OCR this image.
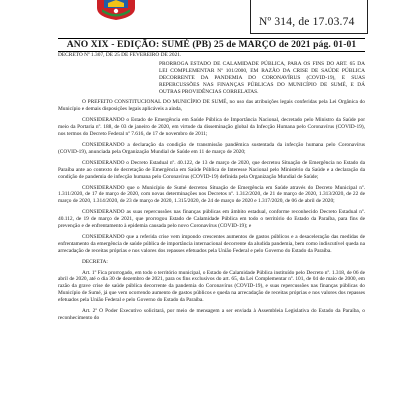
Nº 314, de 17.03.74
ANO XIX - EDIÇÃO: SUMÉ (PB) 25 de MARÇO de 2021 pág. 01-01

DECRETO Nº 1.307, DE 25 DE FEVEREIRO DE 2021.

PRORROGA ESTADO DE CALAMIDADE PÚBLICA, PARA OS FINS DO ART. 65 DA LEI COMPLEMENTAR Nº 101/2000, EM RAZÃO DA CRISE DE SAÚDE PÚBLICA DECORRENTE DA PANDEMIA DO CORONAVÍRUS (COVID-19), E SUAS REPERCUSSÕES NAS FINANÇAS PÚBLICAS DO MUNICÍPIO DE SUMÉ, E DÁ OUTRAS PROVIDÊNCIAS CORRELATAS.

O PREFEITO CONSTITUCIONAL DO MUNICÍPIO DE SUMÉ, no uso das atribuições legais conferidas pela Lei Orgânica do Município e demais disposições legais aplicáveis a ainda,

CONSIDERANDO o Estado de Emergência em Saúde Pública de Importância Nacional, decretado pelo Ministro da Saúde por meio da Portaria nº. 188, de 03 de janeiro de 2020, em virtude da disseminação global da Infecção Humana pelo Coronavírus (COVID-19), nos termos do Decreto Federal nº 7.616, de 17 de novembro de 2011;

CONSIDERANDO a declaração da condição de transmissão pandêmica sustentada da infecção humana pelo Coronavírus (COVID-19), anunciada pela Organização Mundial de Saúde em 11 de março de 2020;

CONSIDERANDO o Decreto Estadual nº. 40.122, de 13 de março de 2020, que decretou Situação de Emergência no Estado da Paraíba ante ao contexto de decretação de Emergência em Saúde Pública de Interesse Nacional pelo Ministério da Saúde e a declaração da condição de pandemia de infecção humana pelo Coronavírus (COVID-19) definida pela Organização Mundial de Saúde;

CONSIDERANDO que o Município de Sumé decretou Situação de Emergência em Saúde através do Decreto Municipal nº. 1.311/2020, de 17 de março de 2020, com novas determinações nos Decretos nº. 1.312/2020, de 21 de março de 2020, 1.313/2020, de 22 de março de 2020, 1.314/2020, de 23 de março de 2020, 1.315/2020, de 24 de março de 2020 e 1.317/2020, de 06 de abril de 2020;

CONSIDERANDO as suas repercussões nas finanças públicas em âmbito estadual, conforme reconhecido Decreto Estadual nº. 40.112, de 19 de março de 2021, que prorrogou Estado de Calamidade Pública em todo o território do Estado da Paraíba, para fins de prevenção e de enfrentamento à epidemia causada pelo novo Coronavírus (COVID-19); e

CONSIDERANDO que a referida crise vem impondo crescentes aumentos de gastos públicos e a desaceleração das medidas de enfrentamento da emergência de saúde pública de importância internacional decorrente da aludida pandemia, bem como indiscutível queda na arrecadação de receitas próprias e nos valores dos repasses efetuados pela União Federal e pelo Governo do Estado da Paraíba.

DECRETA:

Art. 1º Fica prorrogado, em todo o território municipal, o Estado de Calamidade Pública instituído pelo Decreto nº. 1.318, de 06 de abril de 2020, até o dia 30 de dezembro de 2021, para os fins exclusivos do art. 65, da Lei Complementar nº. 101, de 04 de maio de 2000, em razão da grave crise de saúde pública decorrente da pandemia do Coronavírus (COVID-19), e suas repercussões nas finanças públicas do Município de Sumé, já que vem ocorrendo aumento de gastos públicos e queda na arrecadação de receitas próprias e nos valores dos repasses efetuados pela União Federal e pelo Governo do Estado da Paraíba.

Art. 2º O Poder Executivo solicitará, por meio de mensagem a ser enviada à Assembleia Legislativa do Estado da Paraíba, o reconhecimento do
